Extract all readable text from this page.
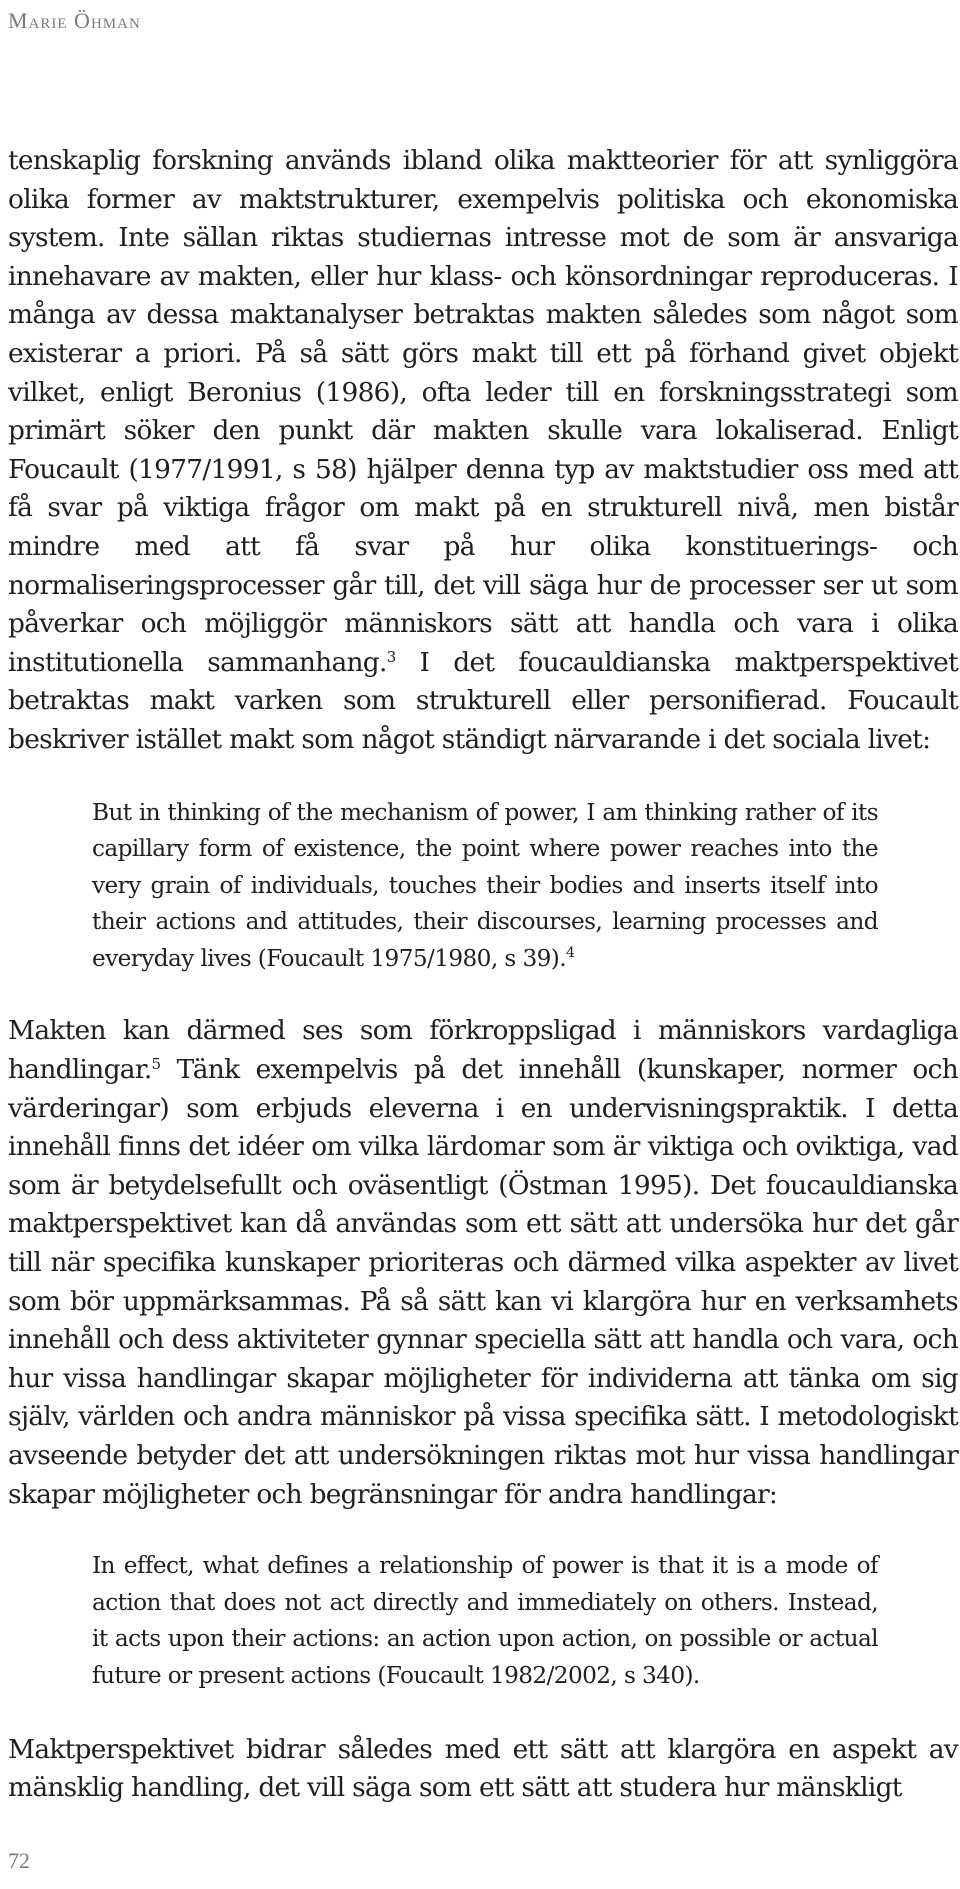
Marie Öhman

tenskaplig forskning används ibland olika maktteorier för att synliggöra olika former av maktstrukturer, exempelvis politiska och ekonomiska system. Inte sällan riktas studiernas intresse mot de som är ansvariga innehavare av makten, eller hur klass- och könsordningar reproduceras. I många av dessa maktanalyser betraktas makten således som något som existerar a priori. På så sätt görs makt till ett på förhand givet objekt vilket, enligt Beronius (1986), ofta leder till en forskningsstrategi som primärt söker den punkt där makten skulle vara lokaliserad. Enligt Foucault (1977/1991, s 58) hjälper denna typ av maktstudier oss med att få svar på viktiga frågor om makt på en strukturell nivå, men bistår mindre med att få svar på hur olika konstituerings- och normaliseringsprocesser går till, det vill säga hur de processer ser ut som påverkar och möjliggör människors sätt att handla och vara i olika institutionella sammanhang.$^3$ I det foucauldianska maktperspektivet betraktas makt varken som strukturell eller personifierad. Foucault beskriver istället makt som något ständigt närvarande i det sociala livet:

But in thinking of the mechanism of power, I am thinking rather of its capillary form of existence, the point where power reaches into the very grain of individuals, touches their bodies and inserts itself into their actions and attitudes, their discourses, learning processes and everyday lives (Foucault 1975/1980, s 39).$^4$

Makten kan därmed ses som förkroppsligad i människors vardagliga handlingar.$^5$ Tänk exempelvis på det innehåll (kunskaper, normer och värderingar) som erbjuds eleverna i en undervisningspraktik. I detta innehåll finns det idéer om vilka lärdomar som är viktiga och oviktiga, vad som är betydelsefullt och oväsentligt (Östman 1995). Det foucauldianska maktperspektivet kan då användas som ett sätt att undersöka hur det går till när specifika kunskaper prioriteras och därmed vilka aspekter av livet som bör uppmärksammas. På så sätt kan vi klargöra hur en verksamhets innehåll och dess aktiviteter gynnar speciella sätt att handla och vara, och hur vissa handlingar skapar möjligheter för individerna att tänka om sig själv, världen och andra människor på vissa specifika sätt. I metodologiskt avseende betyder det att undersökningen riktas mot hur vissa handlingar skapar möjligheter och begränsningar för andra handlingar:

In effect, what defines a relationship of power is that it is a mode of action that does not act directly and immediately on others. Instead, it acts upon their actions: an action upon action, on possible or actual future or present actions (Foucault 1982/2002, s 340).

Maktperspektivet bidrar således med ett sätt att klargöra en aspekt av mänsklig handling, det vill säga som ett sätt att studera hur mänskligt

72
